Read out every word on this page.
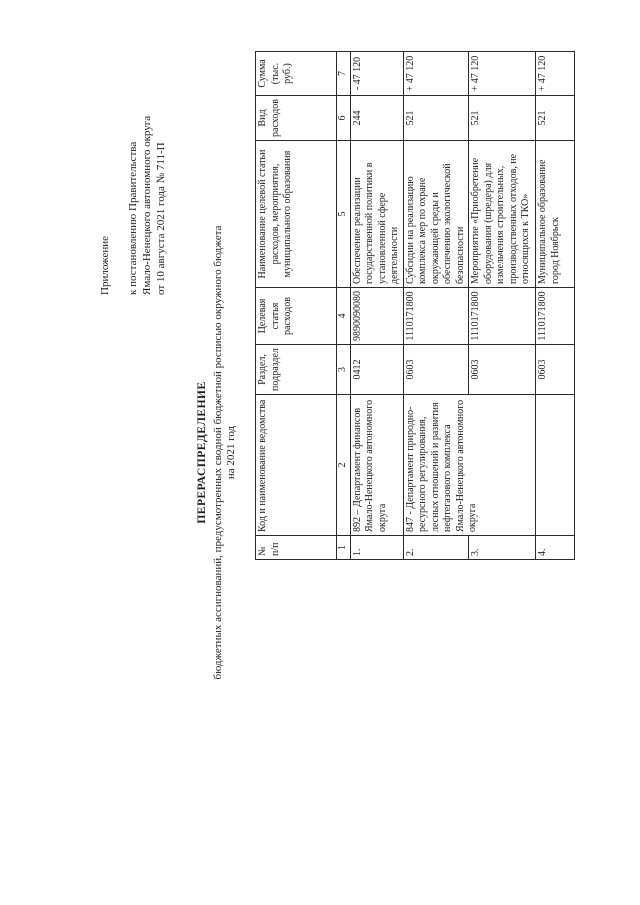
Приложение к постановлению Правительства Ямало-Ненецкого автономного округа от 10 августа 2021 года № 711-П
ПЕРЕРАСПРЕДЕЛЕНИЕ бюджетных ассигнований, предусмотренных сводной бюджетной росписью окружного бюджета на 2021 год
№ п/п	Код и наименование ведомства	Раздел, подраздел	Целевая статья расходов	Наименование целевой статьи расходов, мероприятия, муниципального образования	Вид расходов	Сумма (тыс. руб.)
1	2	3	4	5	6	7
1.	892 – Департамент финансов Ямало-Ненецкого автономного округа	0412	9890090080	Обеспечение реализации государственной политики в установленной сфере деятельности	244	- 47 120
2.	847 - Департамент природно-ресурсного регулирования, лесных отношений и развития нефтегазового комплекса Ямало-Ненецкого автономного округа	0603	1110171800	Субсидии на реализацию комплекса мер по охране окружающей среды и обеспечению экологической безопасности	521	+ 47 120
3.		0603	1110171800	Мероприятие «Приобретение оборудования (шредера) для измельчения строительных, производственных отходов, не относящихся к ТКО»	521	+ 47 120
4.		0603	1110171800	Муниципальное образование город Ноябрьск	521	+ 47 120
